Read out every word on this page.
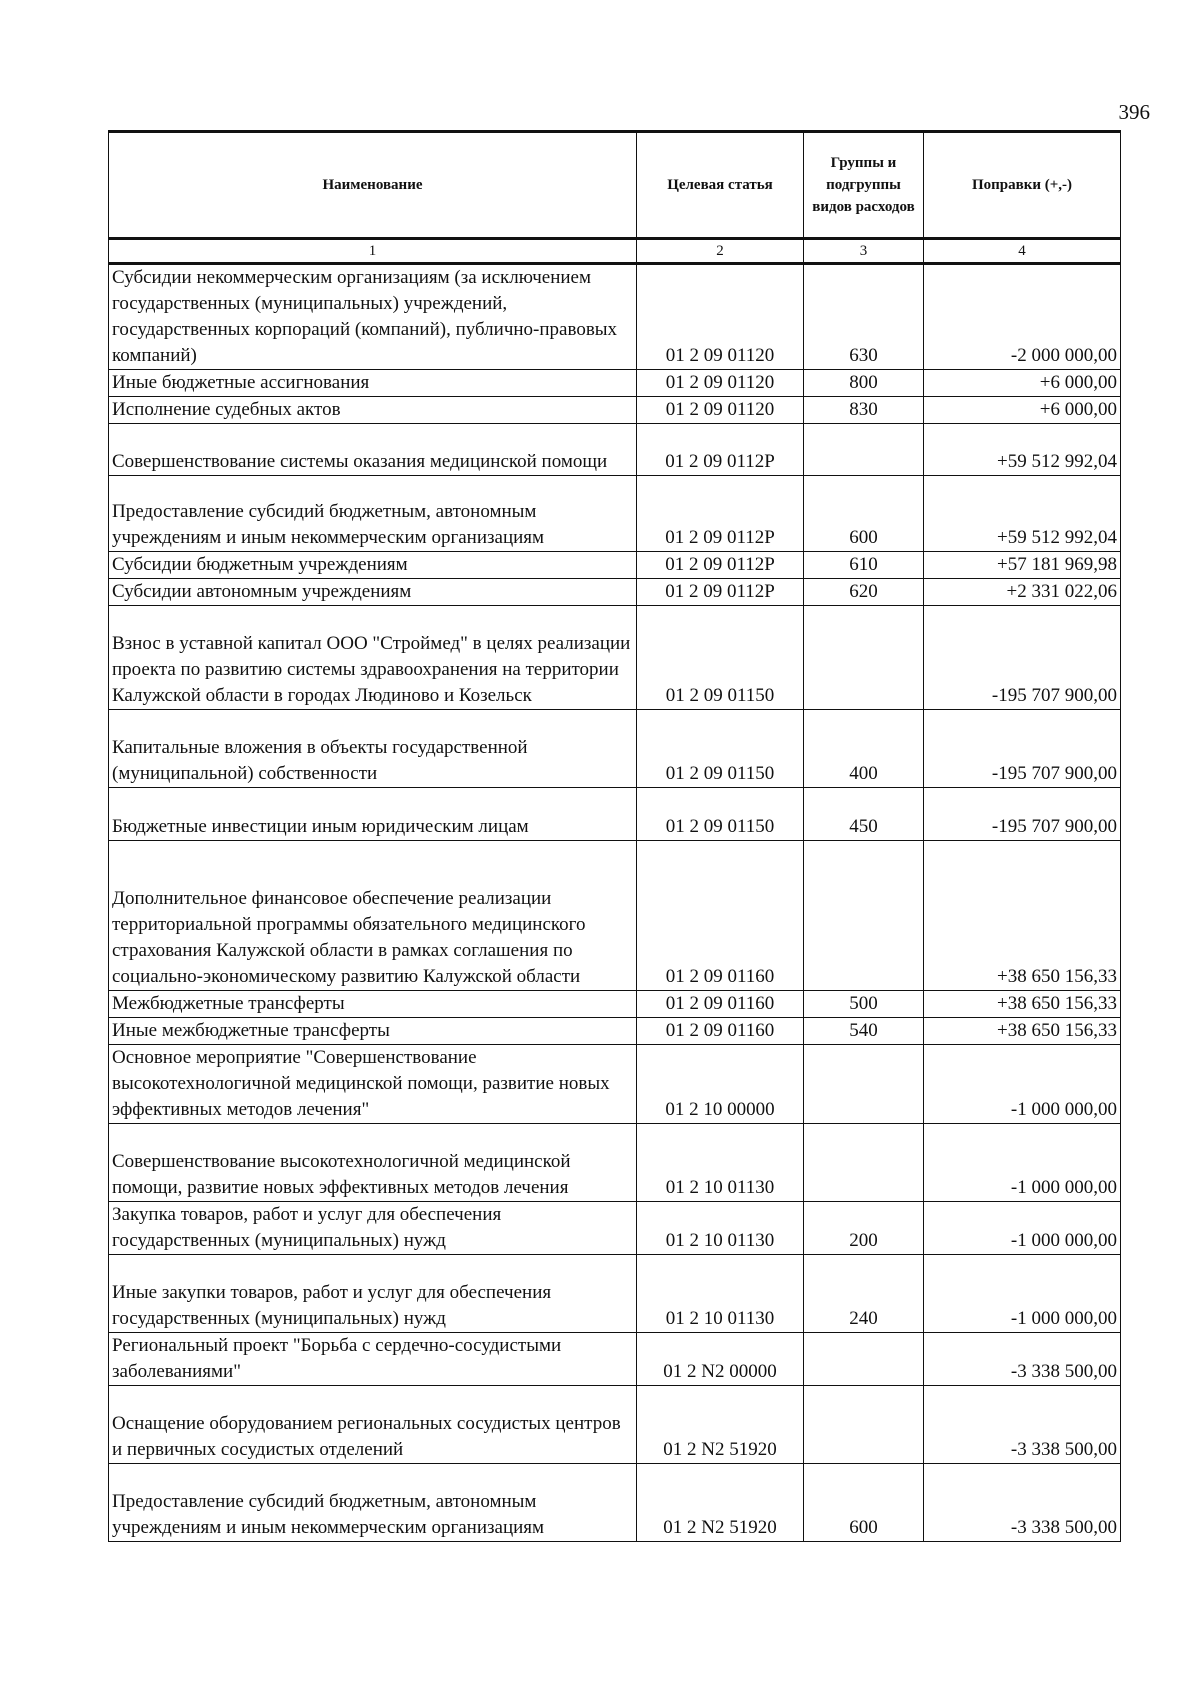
396
Наименование	Целевая статья	Группы и подгруппы видов расходов	Поправки (+,-)
1	2	3	4
Субсидии некоммерческим организациям (за исключением государственных (муниципальных) учреждений, государственных корпораций (компаний), публично-правовых компаний)	01 2 09 01120	630	-2 000 000,00
Иные бюджетные ассигнования	01 2 09 01120	800	+6 000,00
Исполнение судебных актов	01 2 09 01120	830	+6 000,00
Совершенствование системы оказания медицинской помощи	01 2 09 0112Р		+59 512 992,04
Предоставление субсидий бюджетным, автономным учреждениям и иным некоммерческим организациям	01 2 09 0112Р	600	+59 512 992,04
Субсидии бюджетным учреждениям	01 2 09 0112Р	610	+57 181 969,98
Субсидии автономным учреждениям	01 2 09 0112Р	620	+2 331 022,06
Взнос в уставной капитал ООО "Строймед" в целях реализации проекта по развитию системы здравоохранения на территории Калужской области в городах Людиново и Козельск	01 2 09 01150		-195 707 900,00
Капитальные вложения в объекты государственной (муниципальной) собственности	01 2 09 01150	400	-195 707 900,00
Бюджетные инвестиции иным юридическим лицам	01 2 09 01150	450	-195 707 900,00
Дополнительное финансовое обеспечение реализации территориальной программы обязательного медицинского страхования Калужской области в рамках соглашения по социально-экономическому развитию Калужской области	01 2 09 01160		+38 650 156,33
Межбюджетные трансферты	01 2 09 01160	500	+38 650 156,33
Иные межбюджетные трансферты	01 2 09 01160	540	+38 650 156,33
Основное мероприятие "Совершенствование высокотехнологичной медицинской помощи, развитие новых эффективных методов лечения"	01 2 10 00000		-1 000 000,00
Совершенствование высокотехнологичной медицинской помощи, развитие новых эффективных методов лечения	01 2 10 01130		-1 000 000,00
Закупка товаров, работ и услуг для обеспечения государственных (муниципальных) нужд	01 2 10 01130	200	-1 000 000,00
Иные закупки товаров, работ и услуг для обеспечения государственных (муниципальных) нужд	01 2 10 01130	240	-1 000 000,00
Региональный проект "Борьба с сердечно-сосудистыми заболеваниями"	01 2 N2 00000		-3 338 500,00
Оснащение оборудованием региональных сосудистых центров и первичных сосудистых отделений	01 2 N2 51920		-3 338 500,00
Предоставление субсидий бюджетным, автономным учреждениям и иным некоммерческим организациям	01 2 N2 51920	600	-3 338 500,00
